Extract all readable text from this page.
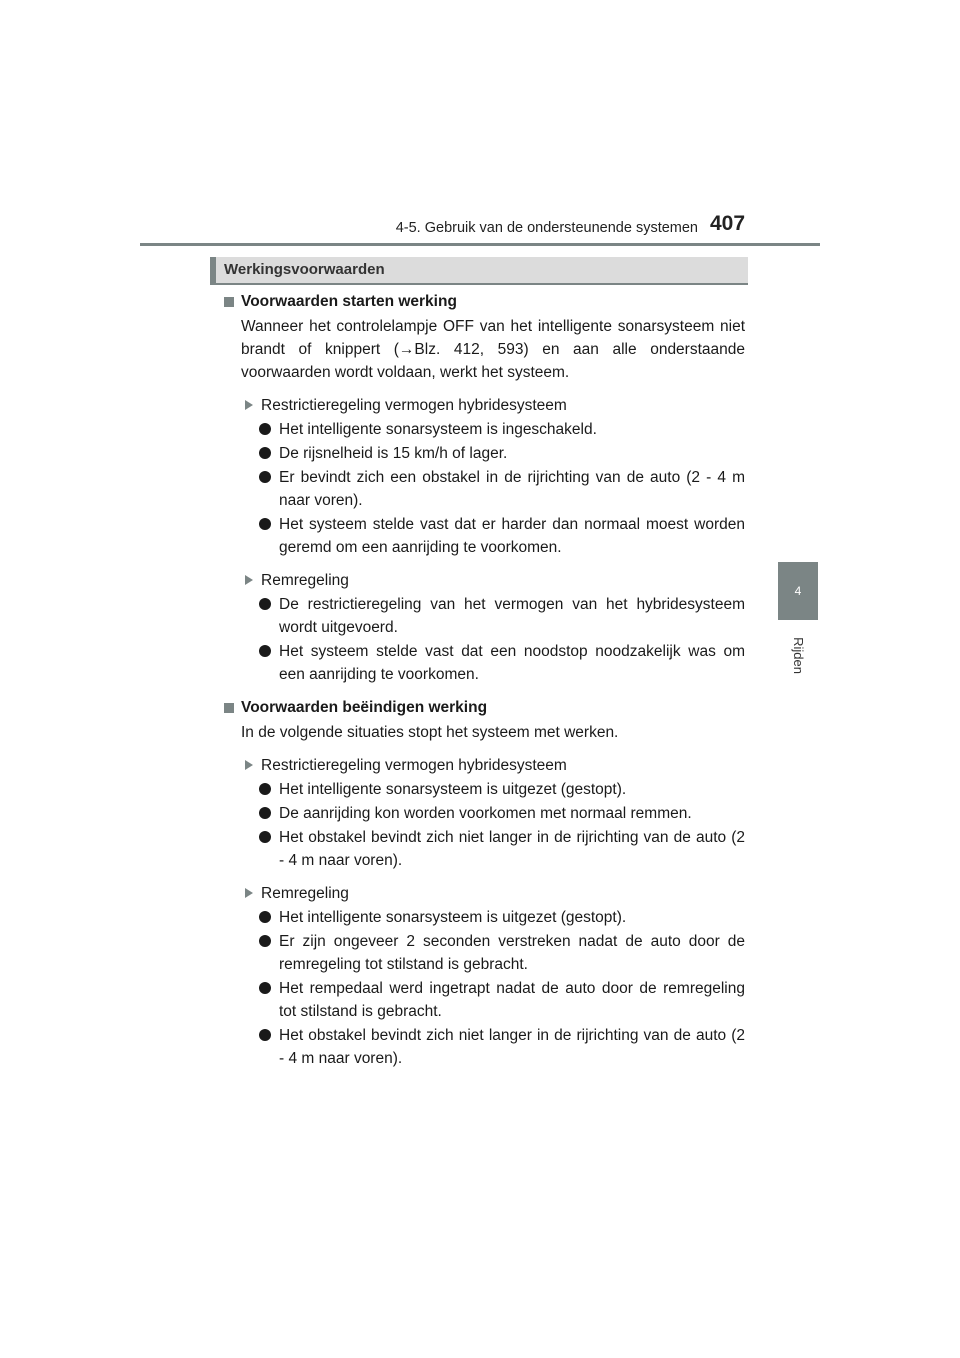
4-5. Gebruik van de ondersteunende systemen 407
4
Rijden
Werkingsvoorwaarden
Voorwaarden starten werking
Wanneer het controlelampje OFF van het intelligente sonarsysteem niet brandt of knippert (→Blz. 412, 593) en aan alle onderstaande voorwaarden wordt voldaan, werkt het systeem.
Restrictieregeling vermogen hybridesysteem
Het intelligente sonarsysteem is ingeschakeld.
De rijsnelheid is 15 km/h of lager.
Er bevindt zich een obstakel in de rijrichting van de auto (2 - 4 m naar voren).
Het systeem stelde vast dat er harder dan normaal moest worden geremd om een aanrijding te voorkomen.
Remregeling
De restrictieregeling van het vermogen van het hybridesysteem wordt uitgevoerd.
Het systeem stelde vast dat een noodstop noodzakelijk was om een aanrijding te voorkomen.
Voorwaarden beëindigen werking
In de volgende situaties stopt het systeem met werken.
Restrictieregeling vermogen hybridesysteem
Het intelligente sonarsysteem is uitgezet (gestopt).
De aanrijding kon worden voorkomen met normaal remmen.
Het obstakel bevindt zich niet langer in de rijrichting van de auto (2 - 4 m naar voren).
Remregeling
Het intelligente sonarsysteem is uitgezet (gestopt).
Er zijn ongeveer 2 seconden verstreken nadat de auto door de remregeling tot stilstand is gebracht.
Het rempedaal werd ingetrapt nadat de auto door de remregeling tot stilstand is gebracht.
Het obstakel bevindt zich niet langer in de rijrichting van de auto (2 - 4 m naar voren).
